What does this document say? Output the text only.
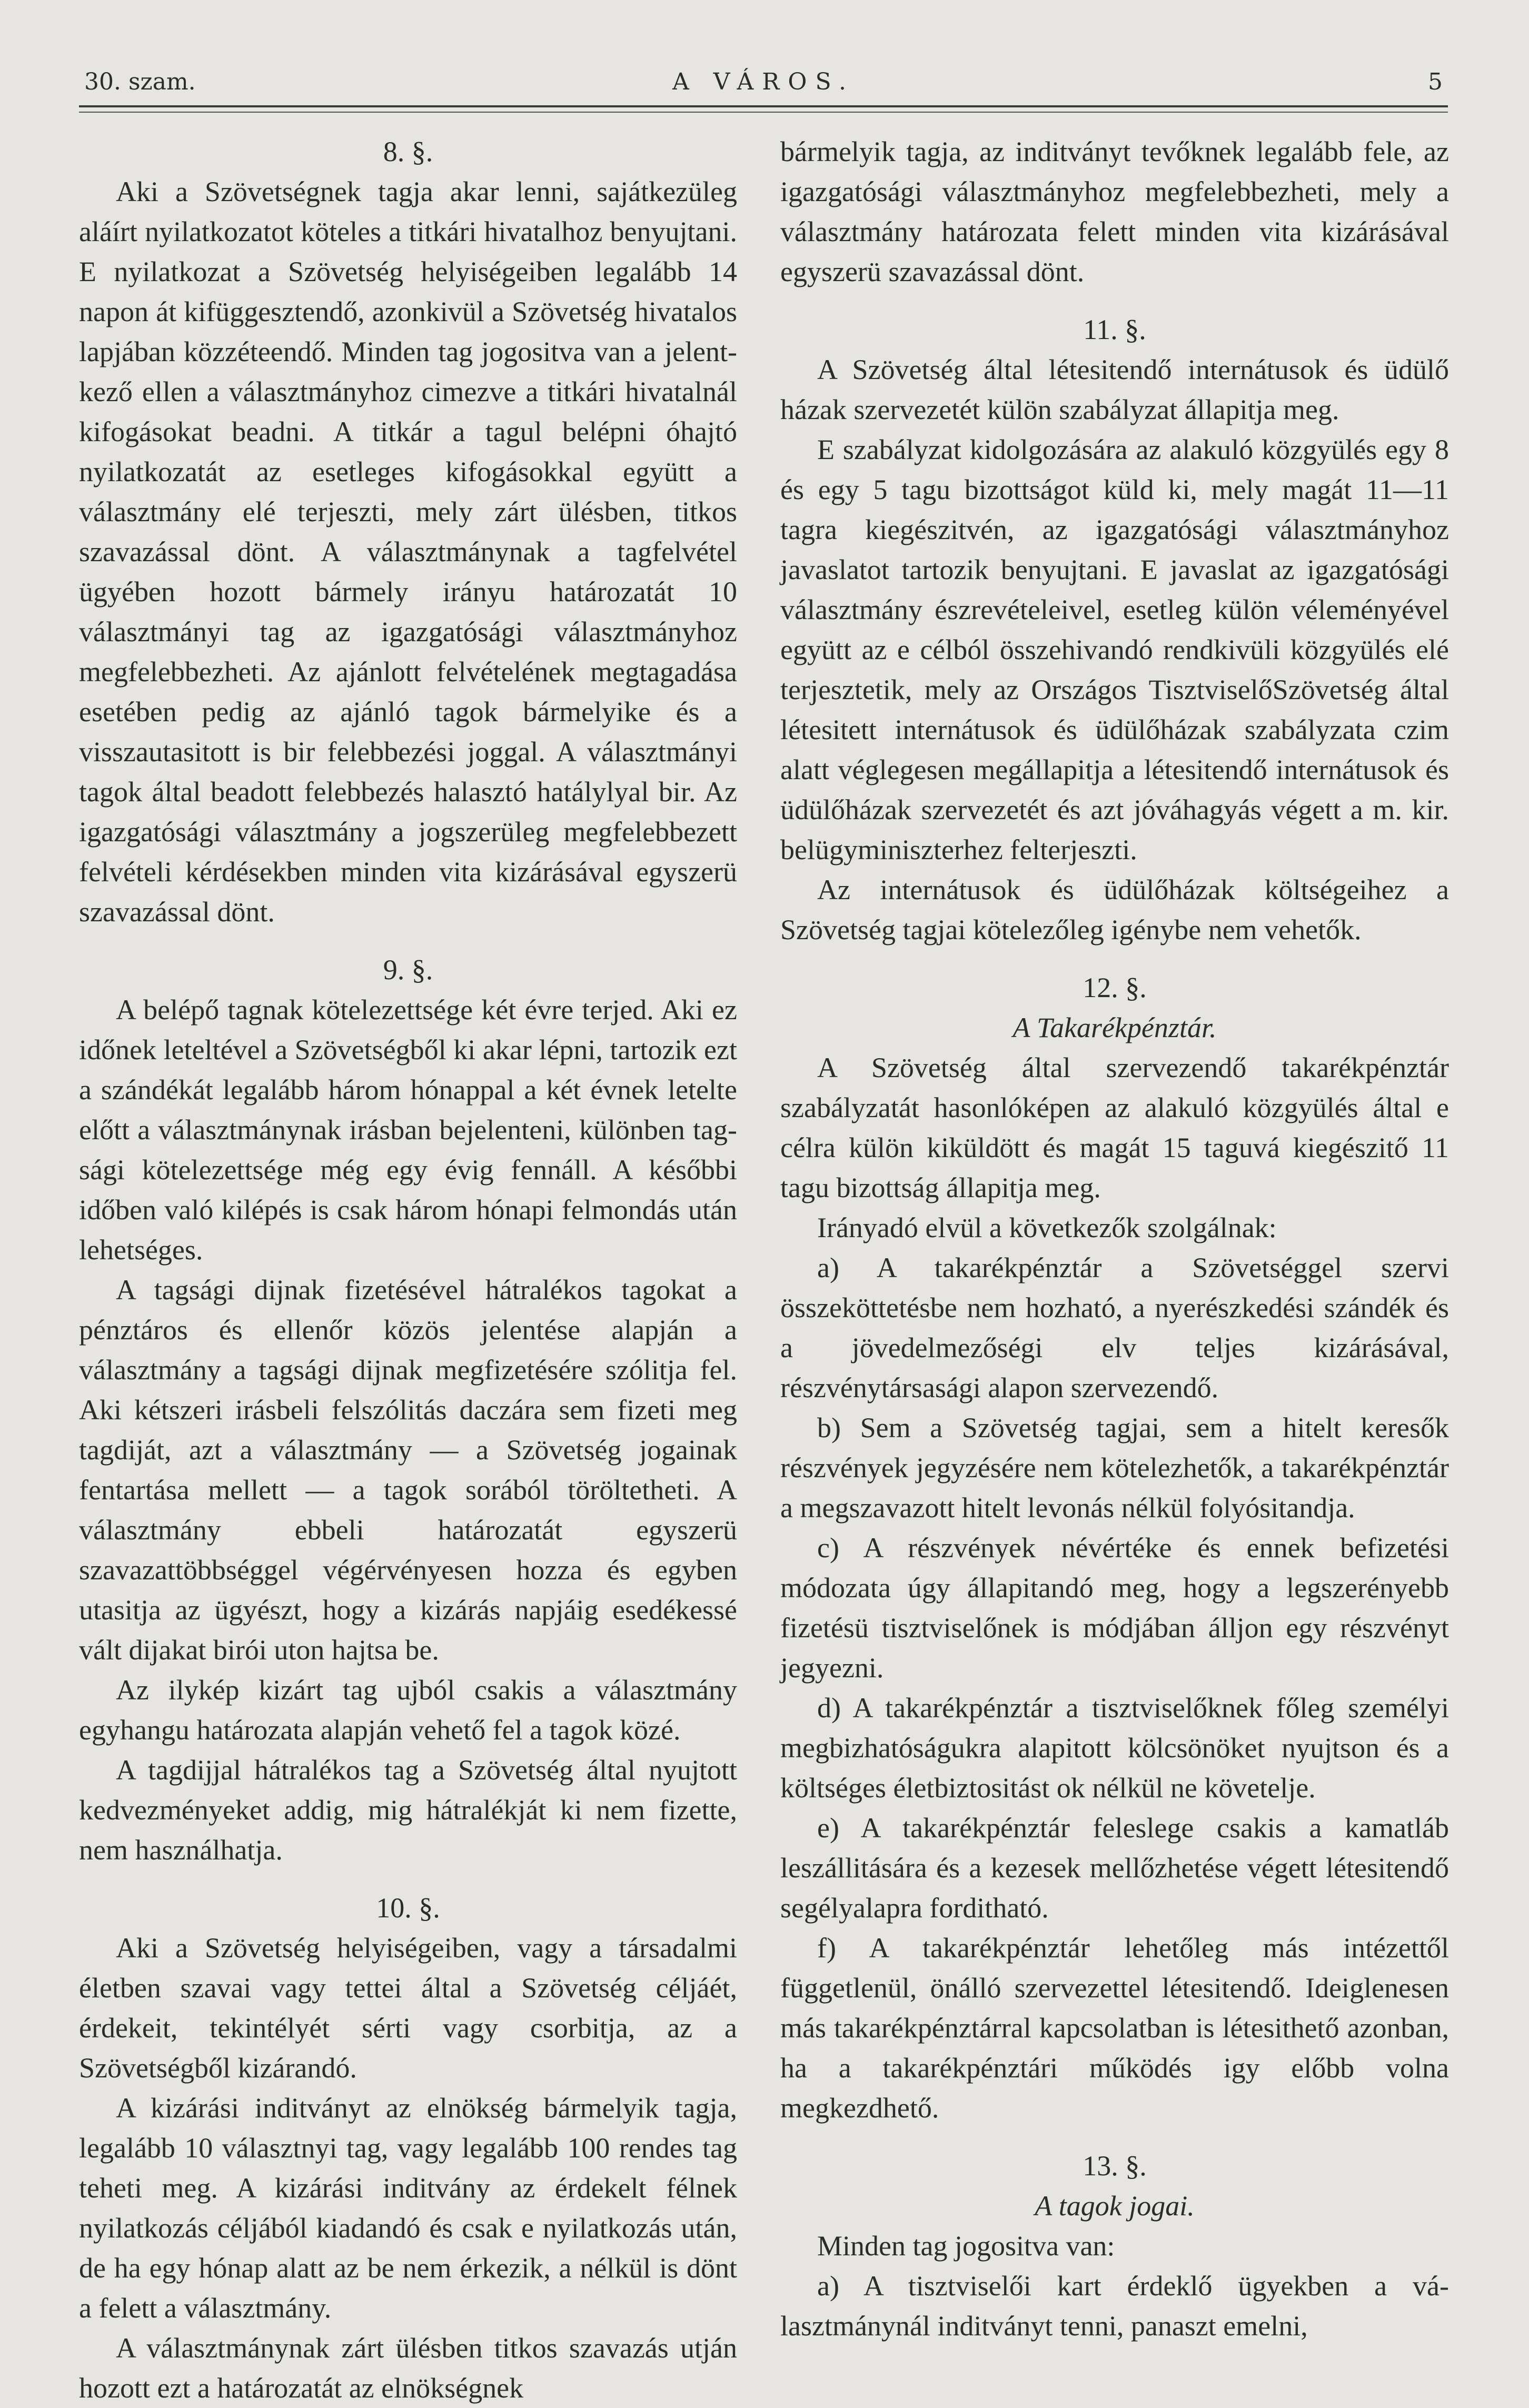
30. szam.	A VÁROS.	5

8. §.

Aki a Szövetségnek tagja akar lenni, sajátkezüleg aláírt nyilatkozatot köteles a titkári hivatalhoz benyujtani. E nyilatkozat a Szövetség helyiségeiben legalább 14 napon át kifüggesztendő, azonkivül a Szövetség hivatalos lapjában közzéteendő. Minden tag jogositva van a jelentkező ellen a választmányhoz cimezve a titkári hivatalnál kifogásokat beadni. A titkár a tagul belépni óhajtó nyilatkozatát az esetleges kifogásokkal együtt a választmány elé terjeszti, mely zárt ülésben, titkos szavazással dönt. A választmánynak a tagfelvétel ügyében hozott bármely irányu határozatát 10 választmányi tag az igazgatósági választmányhoz megfelebbezheti. Az ajánlott felvételének megtagadása esetében pedig az ajánló tagok bármelyike és a visszautasitott is bir felebbezési joggal. A választmányi tagok által beadott felebbezés halasztó hatálylyal bir. Az igazgatósági választmány a jogszerüleg megfelebbezett felvételi kérdésekben minden vita kizárásával egyszerü szavazással dönt.

9. §.

A belépő tagnak kötelezettsége két évre terjed. Aki ez időnek leteltével a Szövetségből ki akar lépni, tartozik ezt a szándékát legalább három hónappal a két évnek letelte előtt a választmánynak irásban bejelenteni, különben tagsági kötelezettsége még egy évig fennáll. A későbbi időben való kilépés is csak három hónapi felmondás után lehetséges.

A tagsági dijnak fizetésével hátralékos tagokat a pénztáros és ellenőr közös jelentése alapján a választmány a tagsági dijnak megfizetésére szólitja fel. Aki kétszeri irásbeli felszólitás daczára sem fizeti meg tagdiját, azt a választmány — a Szövetség jogainak fentartása mellett — a tagok sorából töröltetheti. A választmány ebbeli határozatát egyszerü szavazattöbbséggel végérvényesen hozza és egyben utasitja az ügyészt, hogy a kizárás napjáig esedékessé vált dijakat birói uton hajtsa be.

Az ilykép kizárt tag ujból csakis a választmány egyhangu határozata alapján vehető fel a tagok közé.

A tagdijjal hátralékos tag a Szövetség által nyujtott kedvezményeket addig, mig hátralékját ki nem fizette, nem használhatja.

10. §.

Aki a Szövetség helyiségeiben, vagy a társadalmi életben szavai vagy tettei által a Szövetség céljáét, érdekeit, tekintélyét sérti vagy csorbitja, az a Szövetségből kizárandó.

A kizárási inditványt az elnökség bármelyik tagja, legalább 10 választnyi tag, vagy legalább 100 rendes tag teheti meg. A kizárási inditvány az érdekelt félnek nyilatkozás céljából kiadandó és csak e nyilatkozás után, de ha egy hónap alatt az be nem érkezik, a nélkül is dönt a felett a választmány.

A választmánynak zárt ülésben titkos szavazás utján hozott ezt a határozatát az elnökségnek

bármelyik tagja, az inditványt tevőknek legalább fele, az igazgatósági választmányhoz megfelebbezheti, mely a választmány határozata felett minden vita kizárásával egyszerü szavazással dönt.

11. §.

A Szövetség által létesitendő internátusok és üdülő házak szervezetét külön szabályzat állapitja meg.

E szabályzat kidolgozására az alakuló közgyülés egy 8 és egy 5 tagu bizottságot küld ki, mely magát 11—11 tagra kiegészitvén, az igazgatósági választmányhoz javaslatot tartozik benyujtani. E javaslat az igazgatósági választmány észrevételeivel, esetleg külön véleményével együtt az e célból összehivandó rendkivüli közgyülés elé terjesztetik, mely az Országos TisztviselőSzövetség által létesitett internátusok és üdülőházak szabályzata czim alatt véglegesen megállapitja a létesitendő internátusok és üdülőházak szervezetét és azt jóváhagyás végett a m. kir. belügyminiszterhez felterjeszti.

Az internátusok és üdülőházak költségeihez a Szövetség tagjai kötelezőleg igénybe nem vehetők.

12. §.

A Takarékpénztár.

A Szövetség által szervezendő takarékpénztár szabályzatát hasonlóképen az alakuló közgyülés által e célra külön kiküldött és magát 15 taguvá kiegészitő 11 tagu bizottság állapitja meg.

Irányadó elvül a következők szolgálnak:

a) A takarékpénztár a Szövetséggel szervi összeköttetésbe nem hozható, a nyerészkedési szándék és a jövedelmezőségi elv teljes kizárásával, részvénytársasági alapon szervezendő.

b) Sem a Szövetség tagjai, sem a hitelt keresők részvények jegyzésére nem kötelezhetők, a takarékpénztár a megszavazott hitelt levonás nélkül folyósitandja.

c) A részvények névértéke és ennek befizetési módozata úgy állapitandó meg, hogy a legszerényebb fizetésü tisztviselőnek is módjában álljon egy részvényt jegyezni.

d) A takarékpénztár a tisztviselőknek főleg személyi megbizhatóságukra alapitott kölcsönöket nyujtson és a költséges életbiztositást ok nélkül ne követelje.

e) A takarékpénztár feleslege csakis a kamatláb leszállitására és a kezesek mellőzhetése végett létesitendő segélyalapra forditható.

f) A takarékpénztár lehetőleg más intézettől függetlenül, önálló szervezettel létesitendő. Ideiglenesen más takarékpénztárral kapcsolatban is létesithető azonban, ha a takarékpénztári működés igy előbb volna megkezdhető.

13. §.

A tagok jogai.

Minden tag jogositva van:

a) A tisztviselői kart érdeklő ügyekben a választmánynál inditványt tenni, panaszt emelni,
